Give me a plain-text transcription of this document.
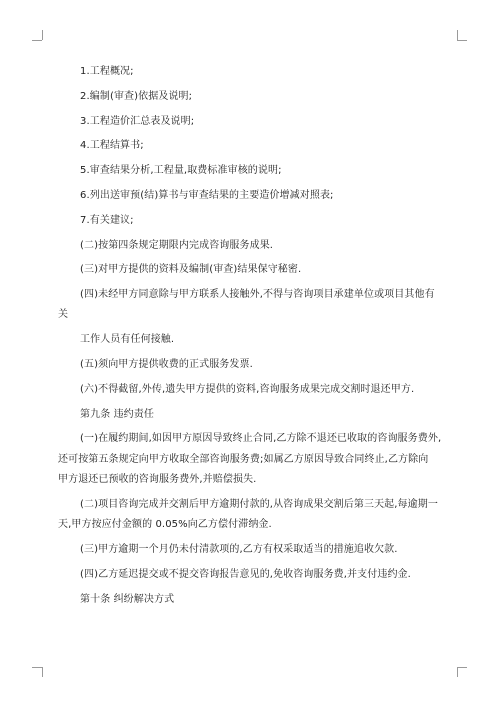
1.工程概况;
2.编制(审查)依据及说明;
3.工程造价汇总表及说明;
4.工程结算书;
5.审查结果分析,工程量,取费标准审核的说明;
6.列出送审预(结)算书与审查结果的主要造价增减对照表;
7.有关建议;
(二)按第四条规定期限内完成咨询服务成果.
(三)对甲方提供的资料及编制(审查)结果保守秘密.
(四)未经甲方同意除与甲方联系人接触外,不得与咨询项目承建单位或项目其他有
关
工作人员有任何接触.
(五)须向甲方提供收费的正式服务发票.
(六)不得截留,外传,遗失甲方提供的资料,咨询服务成果完成交割时退还甲方.
第九条 违约责任
(一)在履约期间,如因甲方原因导致终止合同,乙方除不退还已收取的咨询服务费外,
还可按第五条规定向甲方收取全部咨询服务费;如属乙方原因导致合同终止,乙方除向
甲方退还已预收的咨询服务费外,并赔偿损失.
(二)项目咨询完成并交割后甲方逾期付款的,从咨询成果交割后第三天起,每逾期一
天,甲方按应付金额的 0.05%向乙方偿付滞纳金.
(三)甲方逾期一个月仍未付清款项的,乙方有权采取适当的措施追收欠款.
(四)乙方延迟提交或不提交咨询报告意见的,免收咨询服务费,并支付违约金.
第十条 纠纷解决方式
